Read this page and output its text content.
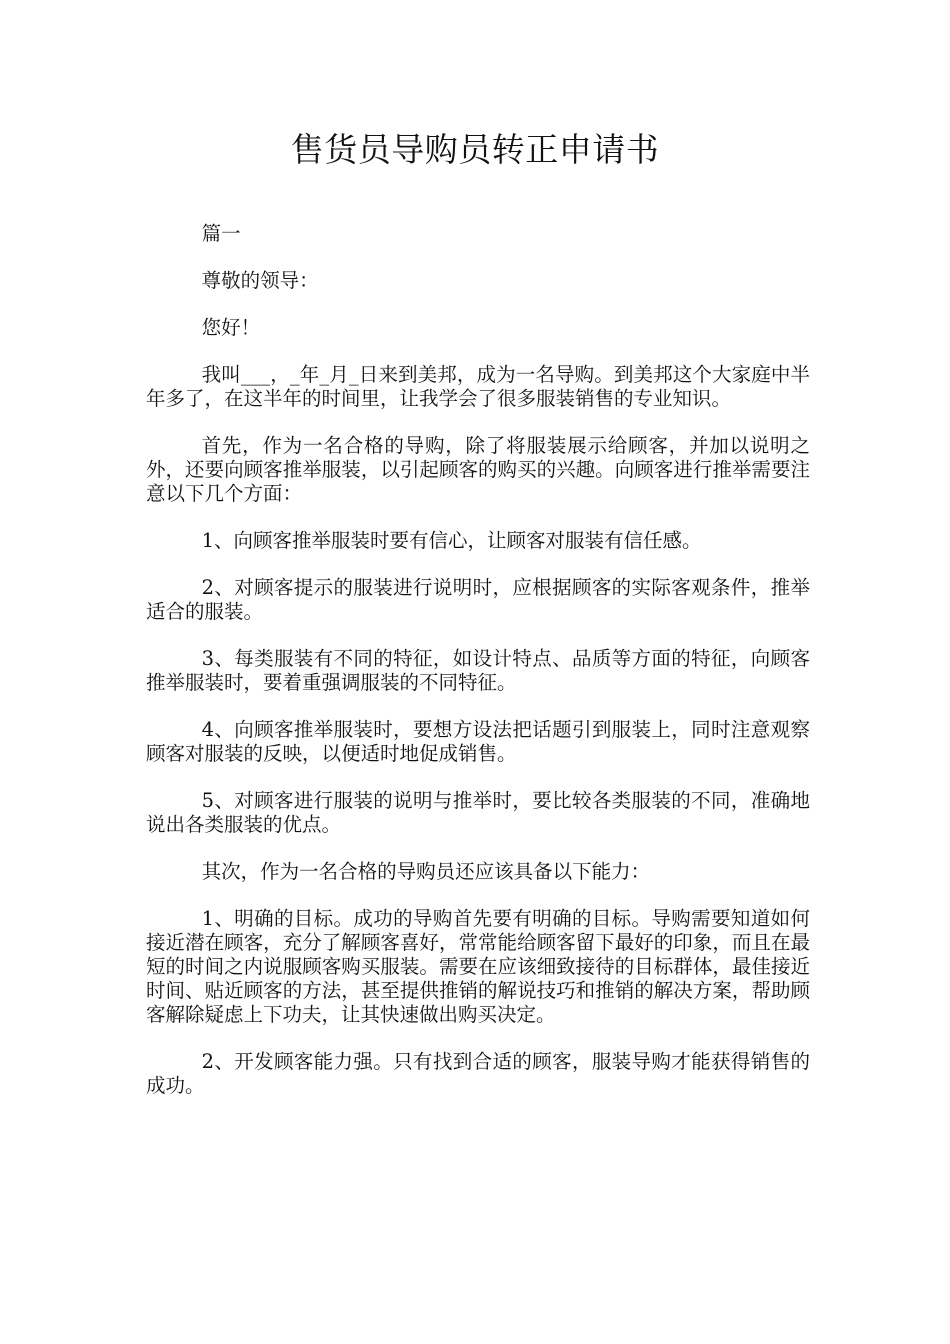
售货员导购员转正申请书

篇一

尊敬的领导：

您好！

我叫___，_年_月_日来到美邦，成为一名导购。到美邦这个大家庭中半年多了，在这半年的时间里，让我学会了很多服装销售的专业知识。

首先，作为一名合格的导购，除了将服装展示给顾客，并加以说明之外，还要向顾客推举服装，以引起顾客的购买的兴趣。向顾客进行推举需要注意以下几个方面：

1、向顾客推举服装时要有信心，让顾客对服装有信任感。

2、对顾客提示的服装进行说明时，应根据顾客的实际客观条件，推举适合的服装。

3、每类服装有不同的特征，如设计特点、品质等方面的特征，向顾客推举服装时，要着重强调服装的不同特征。

4、向顾客推举服装时，要想方设法把话题引到服装上，同时注意观察顾客对服装的反映，以便适时地促成销售。

5、对顾客进行服装的说明与推举时，要比较各类服装的不同，准确地说出各类服装的优点。

其次，作为一名合格的导购员还应该具备以下能力：

1、明确的目标。成功的导购首先要有明确的目标。导购需要知道如何接近潜在顾客，充分了解顾客喜好，常常能给顾客留下最好的印象，而且在最短的时间之内说服顾客购买服装。需要在应该细致接待的目标群体，最佳接近时间、贴近顾客的方法，甚至提供推销的解说技巧和推销的解决方案，帮助顾客解除疑虑上下功夫，让其快速做出购买决定。

2、开发顾客能力强。只有找到合适的顾客，服装导购才能获得销售的成功。
